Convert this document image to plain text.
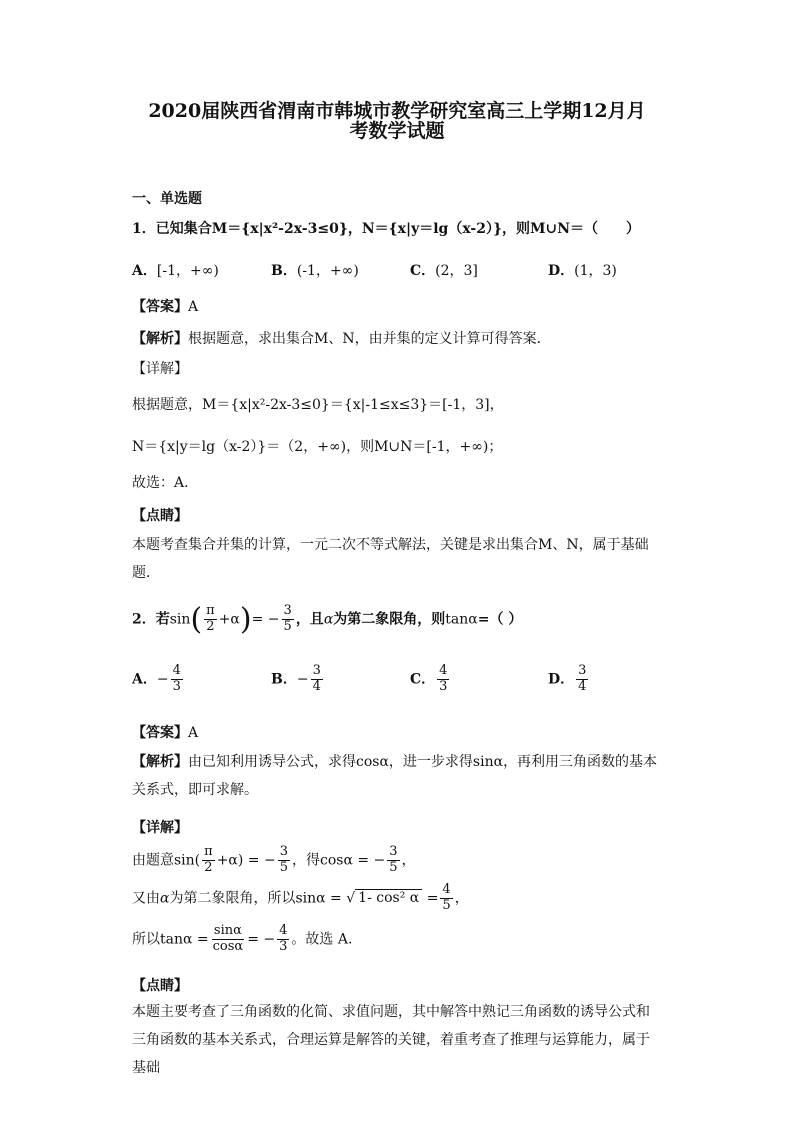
2020届陕西省渭南市韩城市教学研究室高三上学期12月月
考数学试题
一、单选题
1．已知集合M＝{x|x²-2x-3≤0}，N＝{x|y＝lg（x-2）}，则M∪N＝（　　）
A．[-1，+∞)	B．(-1，+∞)	C．(2，3]	D．(1，3)
【答案】A
【解析】根据题意，求出集合M、N，由并集的定义计算可得答案．
【详解】
根据题意，M＝{x|x²-2x-3≤0}＝{x|-1≤x≤3}＝[-1，3]，
N＝{x|y＝lg（x-2）}＝（2，+∞)，则M∪N＝[-1，+∞)；
故选：A．
【点睛】
本题考查集合并集的计算，一元二次不等式解法，关键是求出集合M、N，属于基础题．
2．若$\sin( \frac{\pi}{2} +\alpha)= - \frac{3}{5}$ ，且α为第二象限角，则tanα=（ ）
A．− $\frac{4}{3}$	B．− $\frac{3}{4}$	C． $\frac{4}{3}$	D． $\frac{3}{4}$
【答案】A
【解析】由已知利用诱导公式，求得cosα，进一步求得sinα，再利用三角函数的基本关系式，即可求解。
【详解】
由题意$\sin( \frac{\pi}{2} +\alpha)$ = − $\frac{3}{5}$ ，得cosα = − $\frac{3}{5}$ ，
又由α为第二象限角，所以sinα = √ 1- cos² $\alpha = \frac{4}{5}$ ，
所以$\tan\alpha = \frac{\sin\alpha}{\cos\alpha}$ = − $\frac{4}{3}$ 。故选 A.
【点睛】
本题主要考查了三角函数的化简、求值问题，其中解答中熟记三角函数的诱导公式和三角函数的基本关系式，合理运算是解答的关键，着重考查了推理与运算能力，属于基础
